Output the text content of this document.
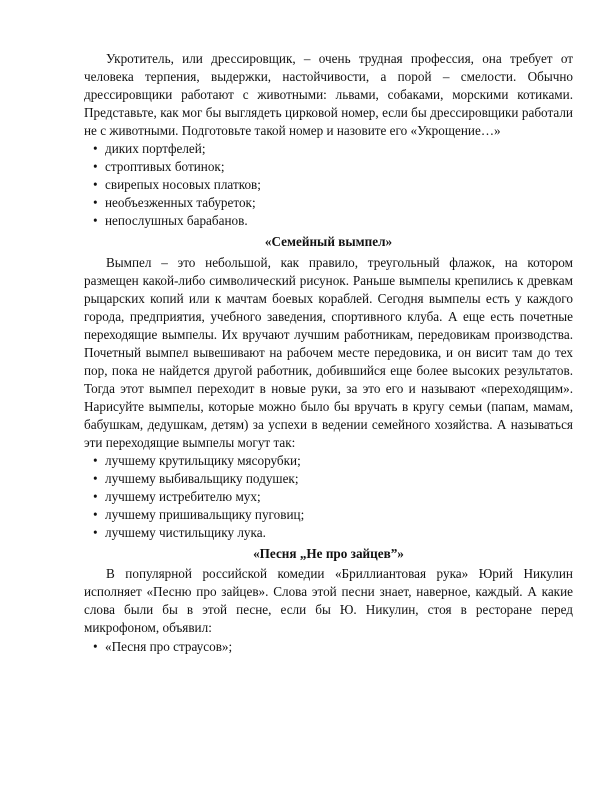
Укротитель, или дрессировщик, – очень трудная профессия, она требует от человека терпения, выдержки, настойчивости, а порой – смелости. Обычно дрессировщики работают с животными: львами, собаками, морскими котиками. Представьте, как мог бы выглядеть цирковой номер, если бы дрессировщики работали не с животными. Подготовьте такой номер и назовите его «Укрощение…»

• диких портфелей;
• строптивых ботинок;
• свирепых носовых платков;
• необъезженных табуреток;
• непослушных барабанов.

«Семейный вымпел»

Вымпел – это небольшой, как правило, треугольный флажок, на котором размещен какой-либо символический рисунок. Раньше вымпелы крепились к древкам рыцарских копий или к мачтам боевых кораблей. Сегодня вымпелы есть у каждого города, предприятия, учебного заведения, спортивного клуба. А еще есть почетные переходящие вымпелы. Их вручают лучшим работникам, передовикам производства. Почетный вымпел вывешивают на рабочем месте передовика, и он висит там до тех пор, пока не найдется другой работник, добившийся еще более высоких результатов. Тогда этот вымпел переходит в новые руки, за это его и называют «переходящим». Нарисуйте вымпелы, которые можно было бы вручать в кругу семьи (папам, мамам, бабушкам, дедушкам, детям) за успехи в ведении семейного хозяйства. А называться эти переходящие вымпелы могут так:

• лучшему крутильщику мясорубки;
• лучшему выбивальщику подушек;
• лучшему истребителю мух;
• лучшему пришивальщику пуговиц;
• лучшему чистильщику лука.

«Песня „Не про зайцев”»

В популярной российской комедии «Бриллиантовая рука» Юрий Никулин исполняет «Песню про зайцев». Слова этой песни знает, наверное, каждый. А какие слова были бы в этой песне, если бы Ю. Никулин, стоя в ресторане перед микрофоном, объявил:

• «Песня про страусов»;
